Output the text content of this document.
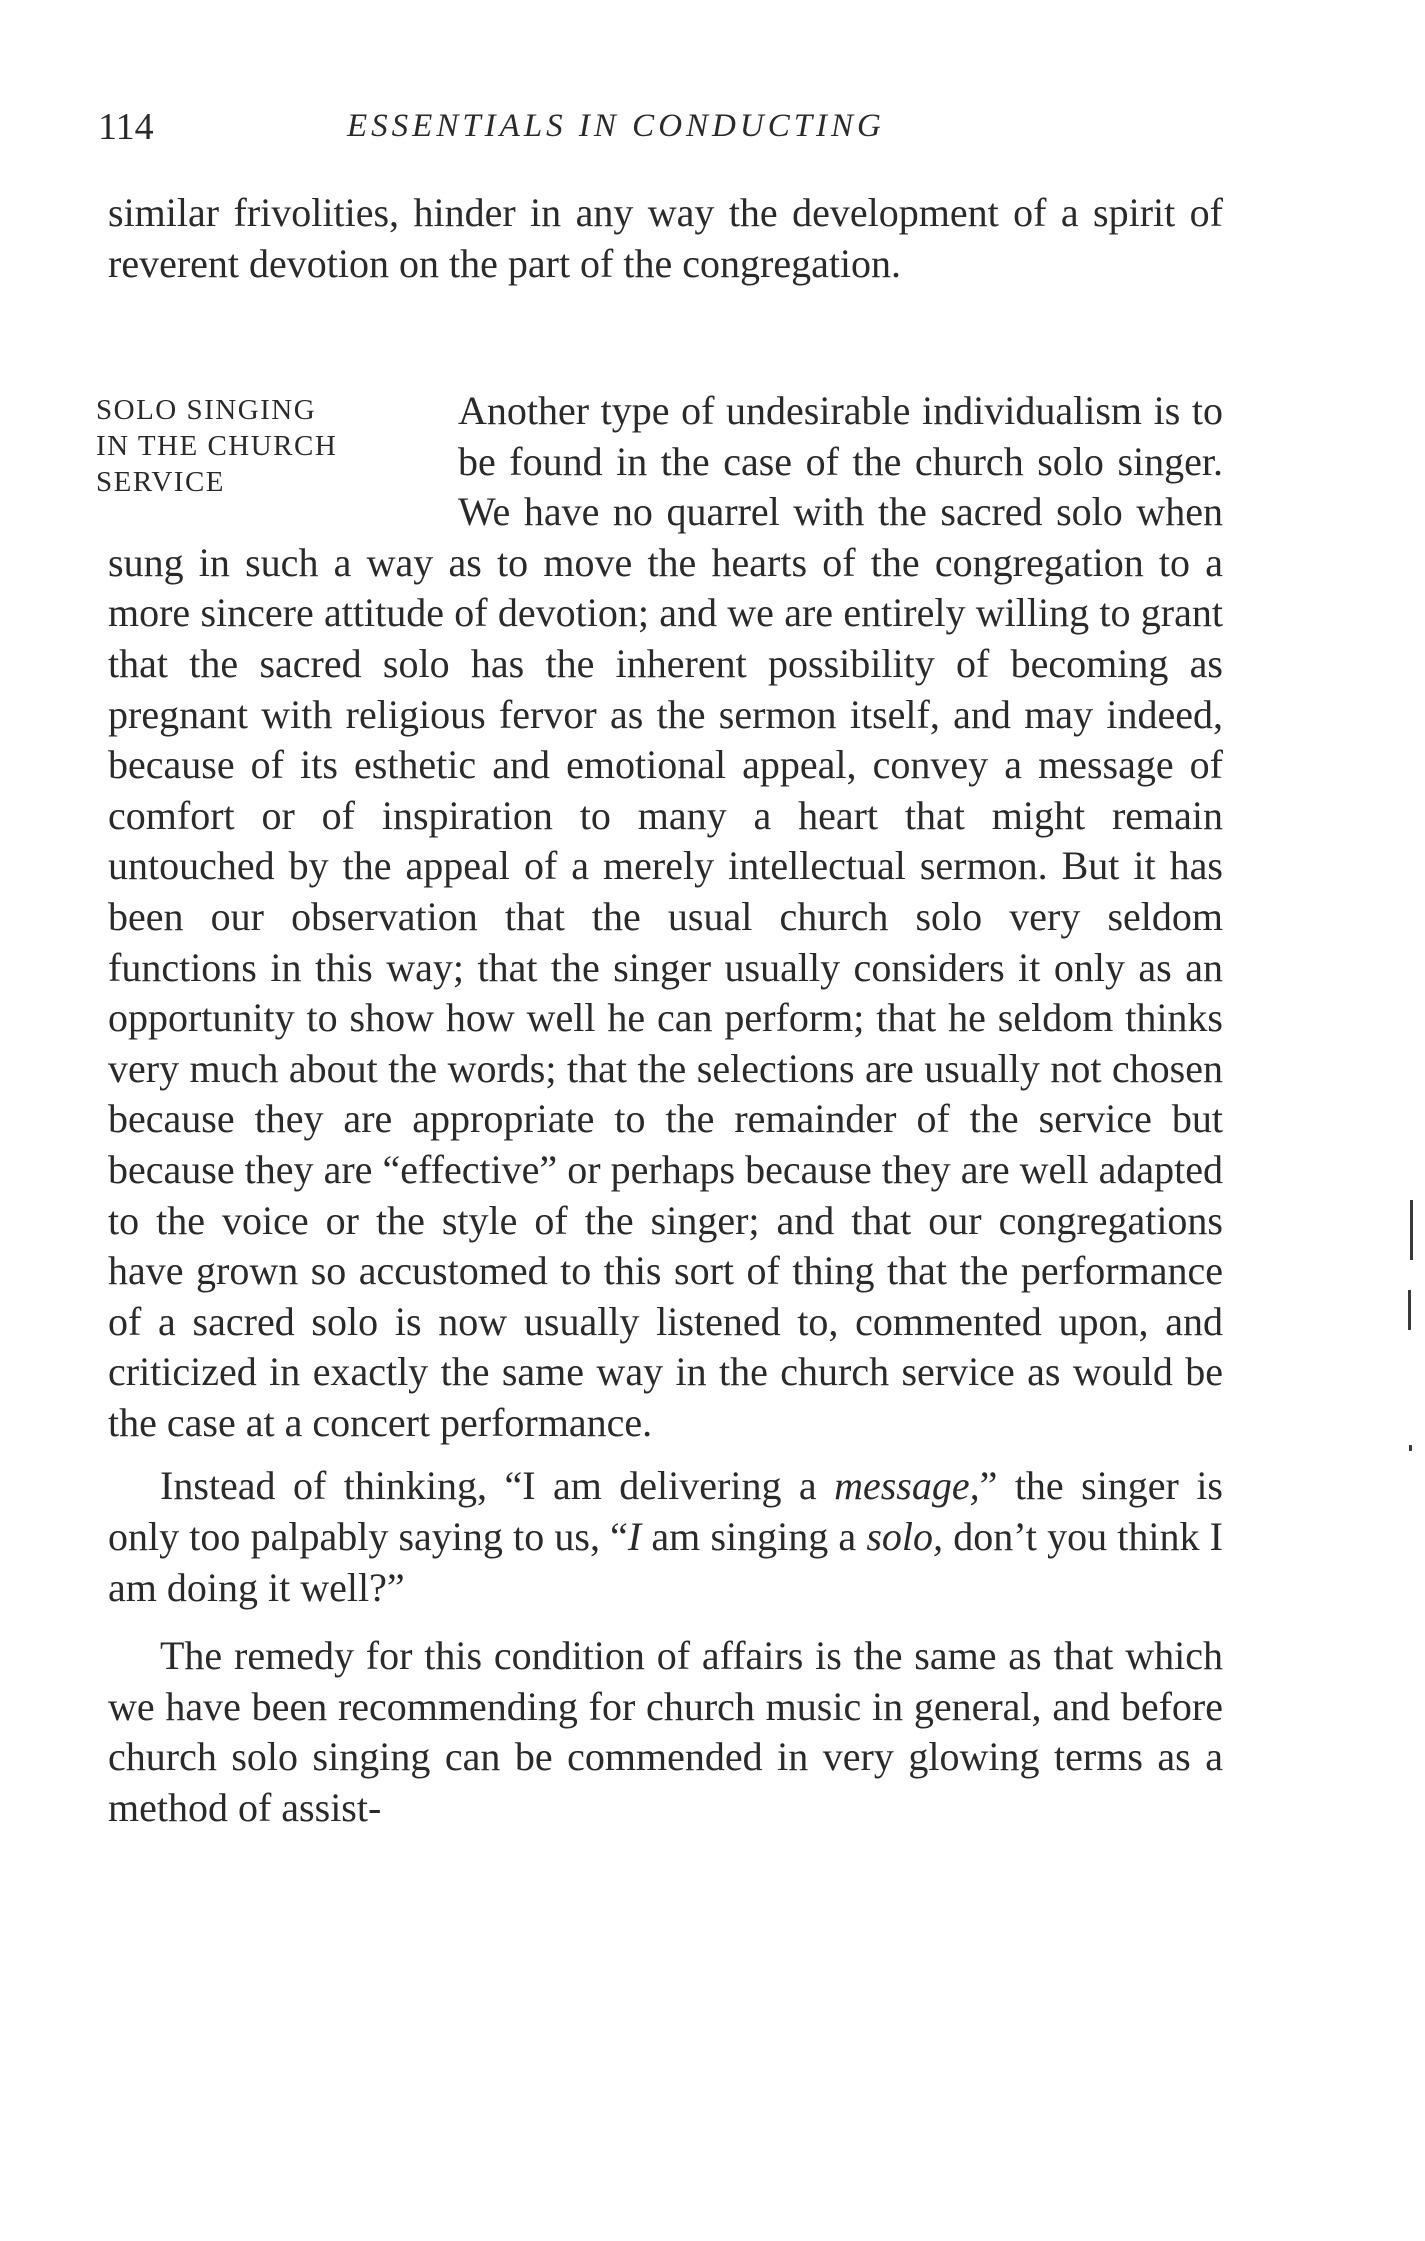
114	ESSENTIALS IN CONDUCTING
similar frivolities, hinder in any way the development of a spirit of reverent devotion on the part of the congregation.
SOLO SINGING
IN THE CHURCH
SERVICE

Another type of undesirable individualism is to be found in the case of the church solo singer. We have no quarrel with the sacred solo when sung in such a way as to move the hearts of the congregation to a more sincere attitude of devotion; and we are entirely willing to grant that the sacred solo has the inherent possibility of becoming as pregnant with religious fervor as the sermon itself, and may indeed, because of its esthetic and emotional appeal, convey a message of comfort or of inspiration to many a heart that might remain untouched by the appeal of a merely intellectual sermon. But it has been our observation that the usual church solo very seldom functions in this way; that the singer usually considers it only as an opportunity to show how well he can perform; that he seldom thinks very much about the words; that the selections are usually not chosen because they are appropriate to the remainder of the service but because they are “effective” or perhaps because they are well adapted to the voice or the style of the singer; and that our congregations have grown so accustomed to this sort of thing that the performance of a sacred solo is now usually listened to, commented upon, and criticized in exactly the same way in the church service as would be the case at a concert performance.

Instead of thinking, “I am delivering a message,” the singer is only too palpably saying to us, “I am singing a solo, don’t you think I am doing it well?”

The remedy for this condition of affairs is the same as that which we have been recommending for church music in general, and before church solo singing can be commended in very glowing terms as a method of assist-
